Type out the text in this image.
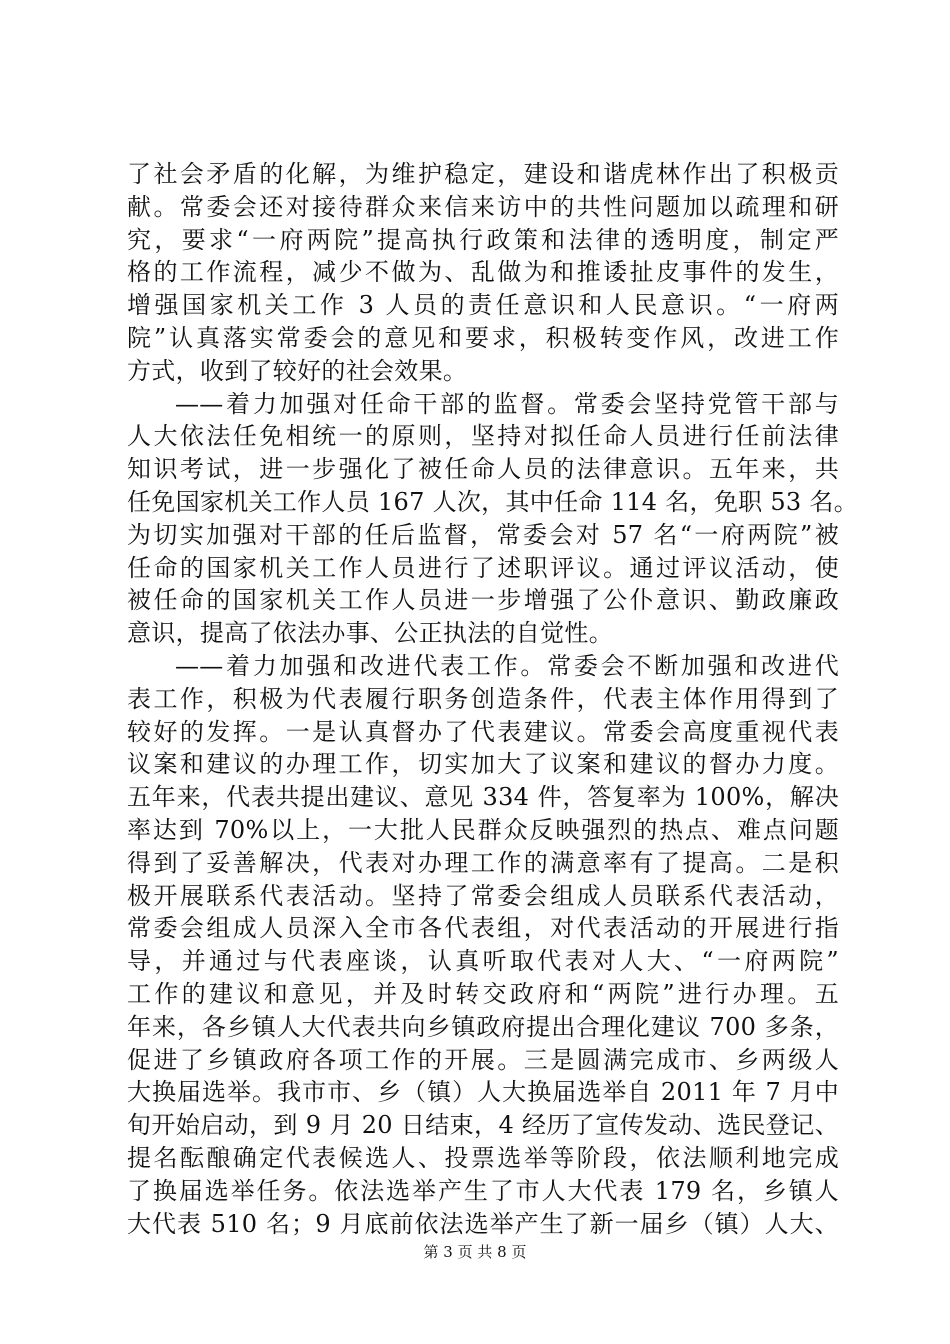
了社会矛盾的化解，为维护稳定，建设和谐虎林作出了积极贡
献。常委会还对接待群众来信来访中的共性问题加以疏理和研
究，要求“一府两院”提高执行政策和法律的透明度，制定严
格的工作流程，减少不做为、乱做为和推诿扯皮事件的发生，
增强国家机关工作 3 人员的责任意识和人民意识。“一府两
院”认真落实常委会的意见和要求，积极转变作风，改进工作
方式，收到了较好的社会效果。
——着力加强对任命干部的监督。常委会坚持党管干部与
人大依法任免相统一的原则，坚持对拟任命人员进行任前法律
知识考试，进一步强化了被任命人员的法律意识。五年来，共
任免国家机关工作人员 167 人次，其中任命 114 名，免职 53 名。
为切实加强对干部的任后监督，常委会对 57 名“一府两院”被
任命的国家机关工作人员进行了述职评议。通过评议活动，使
被任命的国家机关工作人员进一步增强了公仆意识、勤政廉政
意识，提高了依法办事、公正执法的自觉性。
——着力加强和改进代表工作。常委会不断加强和改进代
表工作，积极为代表履行职务创造条件，代表主体作用得到了
较好的发挥。一是认真督办了代表建议。常委会高度重视代表
议案和建议的办理工作，切实加大了议案和建议的督办力度。
五年来，代表共提出建议、意见 334 件，答复率为 100%，解决
率达到 70%以上，一大批人民群众反映强烈的热点、难点问题
得到了妥善解决，代表对办理工作的满意率有了提高。二是积
极开展联系代表活动。坚持了常委会组成人员联系代表活动，
常委会组成人员深入全市各代表组，对代表活动的开展进行指
导，并通过与代表座谈，认真听取代表对人大、“一府两院”
工作的建议和意见，并及时转交政府和“两院”进行办理。五
年来，各乡镇人大代表共向乡镇政府提出合理化建议 700 多条，
促进了乡镇政府各项工作的开展。三是圆满完成市、乡两级人
大换届选举。我市市、乡（镇）人大换届选举自 2011 年 7 月中
旬开始启动，到 9 月 20 日结束，4 经历了宣传发动、选民登记、
提名酝酿确定代表候选人、投票选举等阶段，依法顺利地完成
了换届选举任务。依法选举产生了市人大代表 179 名，乡镇人
大代表 510 名；9 月底前依法选举产生了新一届乡（镇）人大、
第 3 页 共 8 页
